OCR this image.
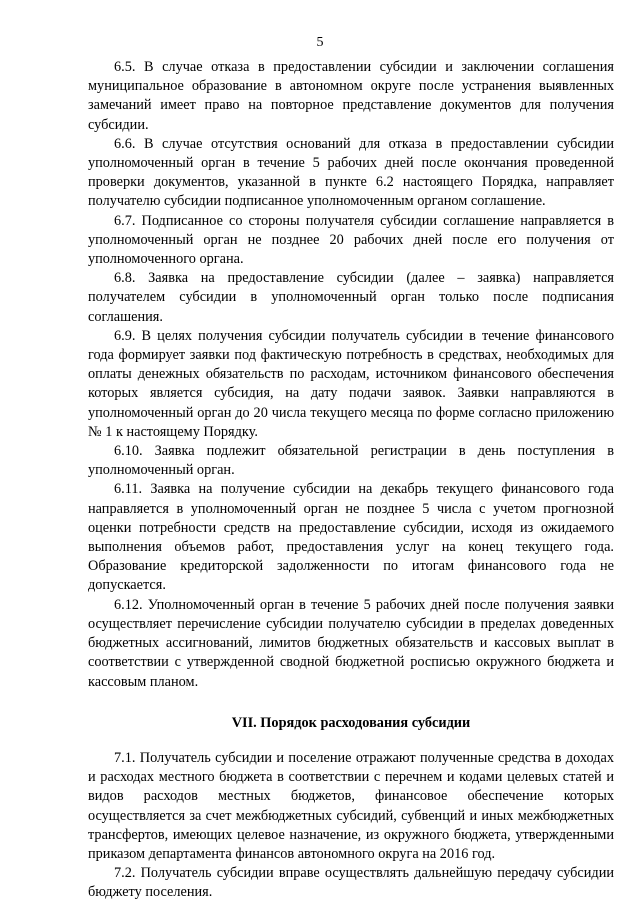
5

6.5. В случае отказа в предоставлении субсидии и заключении соглашения муниципальное образование в автономном округе после устранения выявленных замечаний имеет право на повторное представление документов для получения субсидии.

6.6. В случае отсутствия оснований для отказа в предоставлении субсидии уполномоченный орган в течение 5 рабочих дней после окончания проведенной проверки документов, указанной в пункте 6.2 настоящего Порядка, направляет получателю субсидии подписанное уполномоченным органом соглашение.

6.7. Подписанное со стороны получателя субсидии соглашение направляется в уполномоченный орган не позднее 20 рабочих дней после его получения от уполномоченного органа.

6.8. Заявка на предоставление субсидии (далее – заявка) направляется получателем субсидии в уполномоченный орган только после подписания соглашения.

6.9. В целях получения субсидии получатель субсидии в течение финансового года формирует заявки под фактическую потребность в средствах, необходимых для оплаты денежных обязательств по расходам, источником финансового обеспечения которых является субсидия, на дату подачи заявок. Заявки направляются в уполномоченный орган до 20 числа текущего месяца по форме согласно приложению № 1 к настоящему Порядку.

6.10. Заявка подлежит обязательной регистрации в день поступления в уполномоченный орган.

6.11. Заявка на получение субсидии на декабрь текущего финансового года направляется в уполномоченный орган не позднее 5 числа с учетом прогнозной оценки потребности средств на предоставление субсидии, исходя из ожидаемого выполнения объемов работ, предоставления услуг на конец текущего года. Образование кредиторской задолженности по итогам финансового года не допускается.

6.12. Уполномоченный орган в течение 5 рабочих дней после получения заявки осуществляет перечисление субсидии получателю субсидии в пределах доведенных бюджетных ассигнований, лимитов бюджетных обязательств и кассовых выплат в соответствии с утвержденной сводной бюджетной росписью окружного бюджета и кассовым планом.

VII. Порядок расходования субсидии

7.1. Получатель субсидии и поселение отражают полученные средства в доходах и расходах местного бюджета в соответствии с перечнем и кодами целевых статей и видов расходов местных бюджетов, финансовое обеспечение которых осуществляется за счет межбюджетных субсидий, субвенций и иных межбюджетных трансфертов, имеющих целевое назначение, из окружного бюджета, утвержденными приказом департамента финансов автономного округа на 2016 год.

7.2. Получатель субсидии вправе осуществлять дальнейшую передачу субсидии бюджету поселения.
